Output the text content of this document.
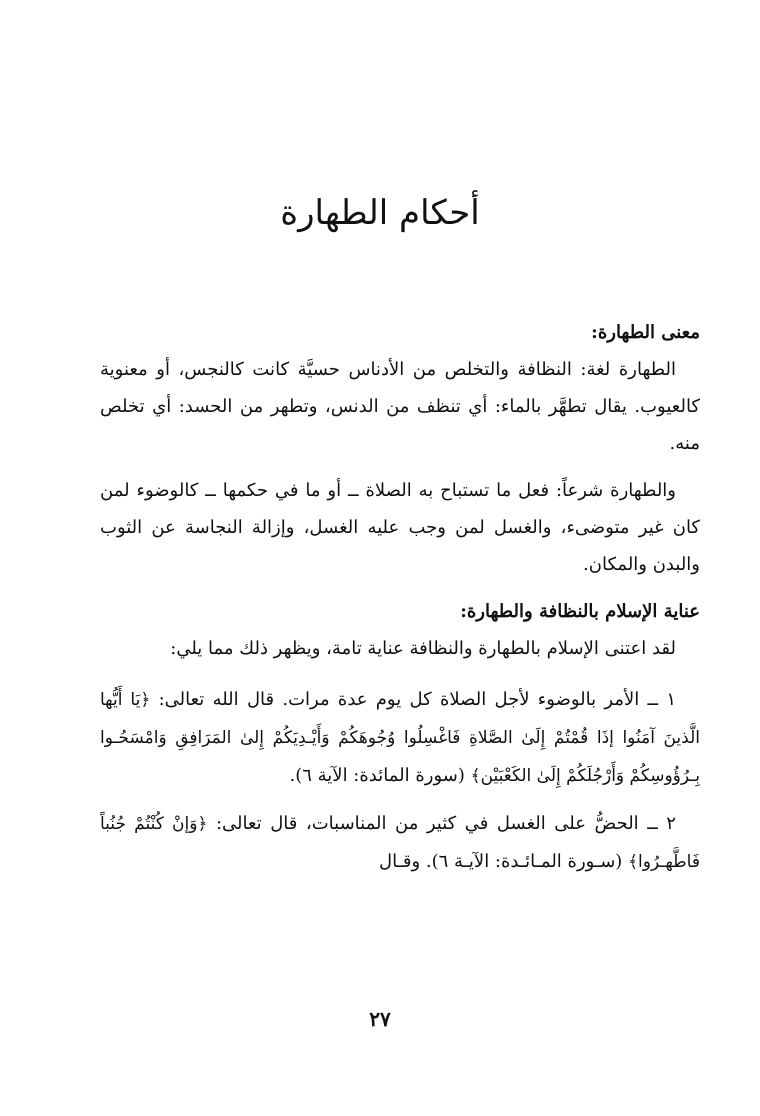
أحكام الطهارة
معنى الطهارة:

الطهارة لغة: النظافة والتخلص من الأدناس حسيَّة كانت كالنجس، أو معنوية كالعيوب. يقال تطهَّر بالماء: أي تنظف من الدنس، وتطهر من الحسد: أي تخلص منه.

والطهارة شرعاً: فعل ما تستباح به الصلاة ــ أو ما في حكمها ــ كالوضوء لمن كان غير متوضىء، والغسل لمن وجب عليه الغسل، وإزالة النجاسة عن الثوب والبدن والمكان.

عناية الإسلام بالنظافة والطهارة:

لقد اعتنى الإسلام بالطهارة والنظافة عناية تامة، ويظهر ذلك مما يلي:

١ ــ الأمر بالوضوء لأجل الصلاة كل يوم عدة مرات. قال الله تعالى: ﴿يَا أَيُّها الَّذينَ آمَنُوا إذَا قُمْتُمْ إِلَىٰ الصَّلاةِ فَاغْسِلُوا وُجُوهَكُمْ وَأَيْـدِيَكُمْ إِلىٰ المَرَافِقِ وَامْسَحُـوا بِـرُؤُوسِكُمْ وَأَرْجُلَكُمْ إِلَىٰ الكَعْبَيْن﴾ (سورة المائدة: الآية ٦).

٢ ــ الحضُّ على الغسل في كثير من المناسبات، قال تعالى: ﴿وَإنْ كُنْتُمْ جُنُباً فَاطَّهـرُوا﴾ (سـورة المـائـدة: الآيـة ٦). وقـال

٢٧
